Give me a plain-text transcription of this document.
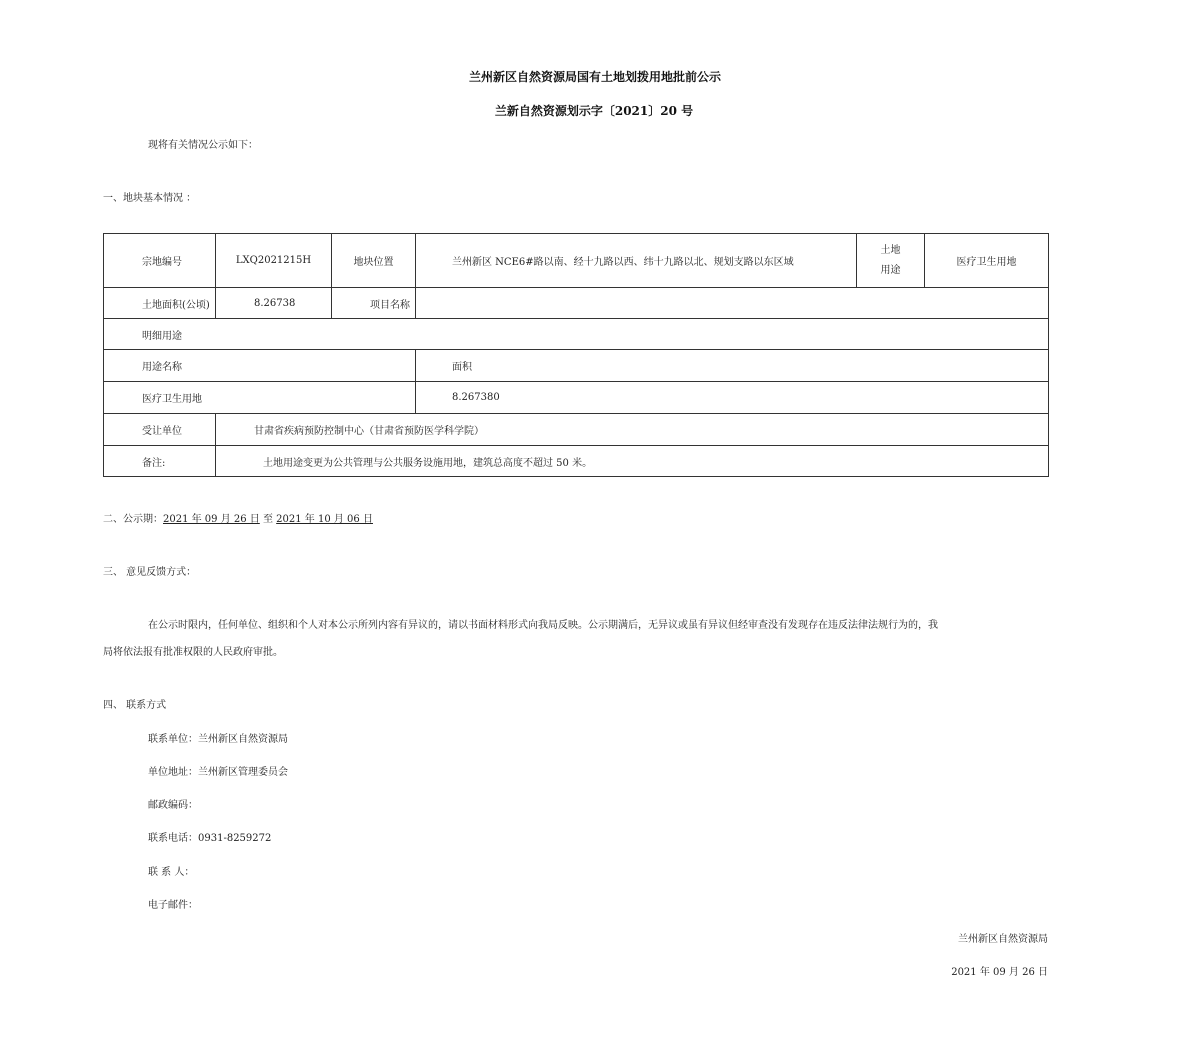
兰州新区自然资源局国有土地划拨用地批前公示
兰新自然资源划示字〔2021〕20 号
现将有关情况公示如下：
一、地块基本情况 ：
宗地编号	LXQ2021215H	地块位置	兰州新区 NCE6#路以南、经十九路以西、纬十九路以北、规划支路以东区域	土地
用途	医疗卫生用地
土地面积(公顷)	8.26738	项目名称			
明细用途					
用途名称			面积		
医疗卫生用地			8.267380		
受让单位	甘肃省疾病预防控制中心（甘肃省预防医学科学院）				
备注:	土地用途变更为公共管理与公共服务设施用地，建筑总高度不超过 50 米。				
二、公示期：2021 年 09 月 26 日 至 2021 年 10 月 06 日
三、 意见反馈方式：
在公示时限内，任何单位、组织和个人对本公示所列内容有异议的，请以书面材料形式向我局反映。公示期满后，无异议或虽有异议但经审查没有发现存在违反法律法规行为的，我
局将依法报有批准权限的人民政府审批。
四、 联系方式
联系单位：兰州新区自然资源局
单位地址：兰州新区管理委员会
邮政编码：
联系电话：0931-8259272
联 系 人：
电子邮件：
兰州新区自然资源局
2021 年 09 月 26 日
